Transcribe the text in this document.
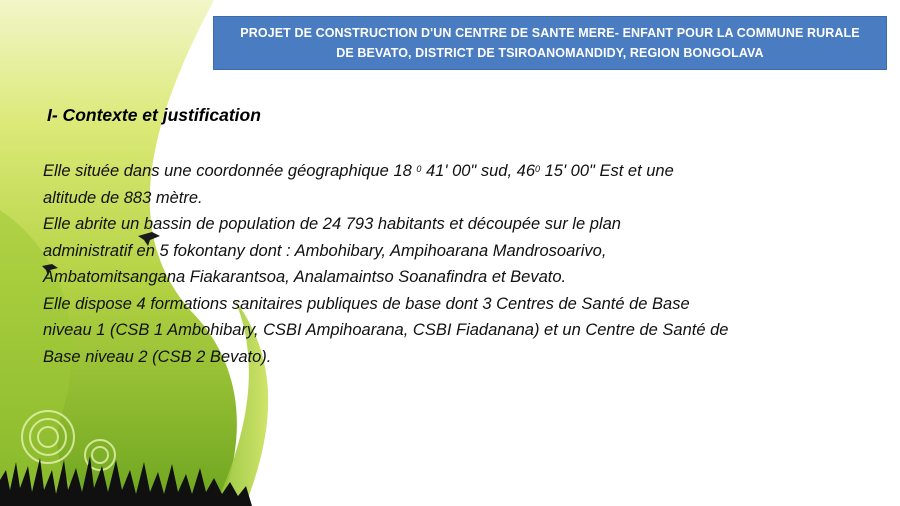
PROJET DE CONSTRUCTION D'UN CENTRE DE SANTE MERE- ENFANT POUR LA COMMUNE RURALE
DE BEVATO, DISTRICT DE TSIROANOMANDIDY, REGION BONGOLAVA
I- Contexte et justification
Elle située dans une coordonnée géographique 18 $^0$ 41' 00" sud, $46^0$ 15' 00" Est et une
altitude de 883 mètre.
Elle abrite un bassin de population de 24 793 habitants et découpée sur le plan
administratif en 5 fokontany dont : Ambohibary, Ampihoarana Mandrosoarivo,
Ambatomitsangana Fiakarantsoa, Analamaintso Soanafindra et Bevato.
Elle dispose 4 formations sanitaires publiques de base dont 3 Centres de Santé de Base
niveau 1 (CSB 1 Ambohibary, CSBI Ampihoarana, CSBI Fiadanana) et un Centre de Santé de
Base niveau 2 (CSB 2 Bevato).
